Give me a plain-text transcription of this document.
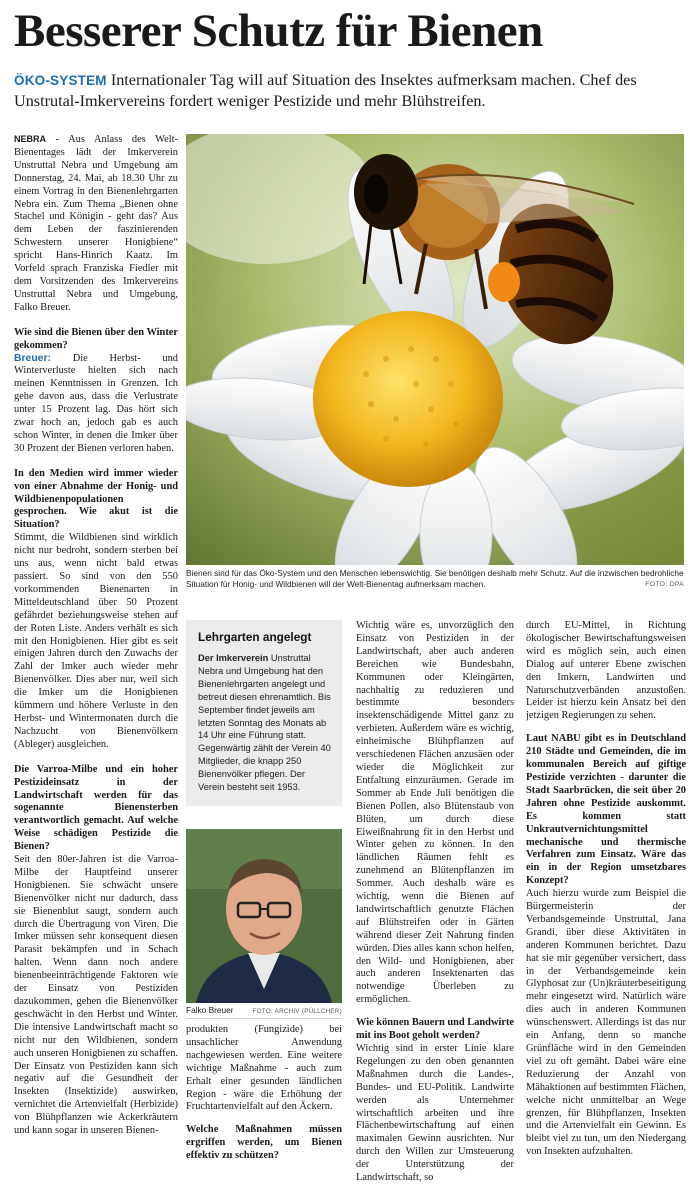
Besserer Schutz für Bienen
ÖKO-SYSTEM Internationaler Tag will auf Situation des Insektes aufmerksam machen. Chef des Unstrutal-Imkervereins fordert weniger Pestizide und mehr Blühstreifen.

NEBRA - Aus Anlass des Welt-Bienentages lädt der Imkerverein Unstruttal Nebra und Umgebung am Donnerstag, 24. Mai, ab 18.30 Uhr zu einem Vortrag in den Bienenlehrgarten Nebra ein. Zum Thema „Bienen ohne Stachel und Königin - geht das? Aus dem Leben der faszinierenden Schwestern unserer Honigbiene“ spricht Hans-Hinrich Kaatz. Im Vorfeld sprach Franziska Fiedler mit dem Vorsitzenden des Imkervereins Unstruttal Nebra und Umgebung, Falko Breuer.

Wie sind die Bienen über den Winter gekommen?

Breuer: Die Herbst- und Winterverluste hielten sich nach meinen Kenntnissen in Grenzen. Ich gehe davon aus, dass die Verlustrate unter 15 Prozent lag. Das hört sich zwar hoch an, jedoch gab es auch schon Winter, in denen die Imker über 30 Prozent der Bienen verloren haben.

In den Medien wird immer wieder von einer Abnahme der Honig- und Wildbienenpopulationen gesprochen. Wie akut ist die Situation?

Stimmt, die Wildbienen sind wirklich nicht nur bedroht, sondern sterben bei uns aus, wenn nicht bald etwas passiert. So sind von den 550 vorkommenden Bienenarten in Mitteldeutschland über 50 Prozent gefährdet beziehungsweise stehen auf der Roten Liste. Anders verhält es sich mit den Honigbienen. Hier gibt es seit einigen Jahren durch den Zuwachs der Zahl der Imker auch wieder mehr Bienenvölker. Dies aber nur, weil sich die Imker um die Honigbienen kümmern und höhere Verluste in den Herbst- und Wintermonaten durch die Nachzucht von Bienenvölkern (Ableger) ausgleichen.

Die Varroa-Milbe und ein hoher Pestizideinsatz in der Landwirtschaft werden für das sogenannte Bienensterben verantwortlich gemacht. Auf welche Weise schädigen Pestizide die Bienen?

Seit den 80er-Jahren ist die Varroa-Milbe der Hauptfeind unserer Honigbienen. Sie schwächt unsere Bienenvölker nicht nur dadurch, dass sie Bienenblut saugt, sondern auch durch die Übertragung von Viren. Die Imker müssen sehr konsequent diesen Parasit bekämpfen und in Schach halten. Wenn dann noch andere bienenbeeinträchtigende Faktoren wie der Einsatz von Pestiziden dazukommen, gehen die Bienenvölker geschwächt in den Herbst und Winter. Die intensive Landwirtschaft macht so nicht nur den Wildbienen, sondern auch unseren Honigbienen zu schaffen. Der Einsatz von Pestiziden kann sich negativ auf die Gesundheit der Insekten (Insektizide) auswirken, vernichtet die Artenvielfalt (Herbizide) von Blühpflanzen wie Ackerkräutern und kann sogar in unseren Bienen-

Bienen sind für das Öko-System und den Menschen lebenswichtig. Sie benötigen deshalb mehr Schutz. Auf die inzwischen bedrohliche Situation für Honig- und Wildbienen will der Welt-Bienentag aufmerksam machen.	FOTO: DPA
Lehrgarten angelegt
Der Imkerverein Unstruttal Nebra und Umgebung hat den Bienenlehrgarten angelegt und betreut diesen ehrenamtlich. Bis September findet jeweils am letzten Sonntag des Monats ab 14 Uhr eine Führung statt. Gegenwärtig zählt der Verein 40 Mitglieder, die knapp 250 Bienenvölker pflegen. Der Verein besteht seit 1953.
Falko Breuer	FOTO: ARCHIV (PÜLLCHER)

produkten (Fungizide) bei unsachlicher Anwendung nachgewiesen werden. Eine weitere wichtige Maßnahme - auch zum Erhalt einer gesunden ländlichen Region - wäre die Erhöhung der Fruchtartenvielfalt auf den Äckern.

Welche Maßnahmen müssen ergriffen werden, um Bienen effektiv zu schützen?

Wichtig wäre es, unvorzüglich den Einsatz von Pestiziden in der Landwirtschaft, aber auch anderen Bereichen wie Bundesbahn, Kommunen oder Kleingärten, nachhaltig zu reduzieren und bestimmte besonders insektenschädigende Mittel ganz zu verbieten. Außerdem wäre es wichtig, einheimische Blühpflanzen auf verschiedenen Flächen anzusäen oder wieder die Möglichkeit zur Entfaltung einzuräumen. Gerade im Sommer ab Ende Juli benötigen die Bienen Pollen, also Blütenstaub von Blüten, um durch diese Eiweißnahrung fit in den Herbst und Winter gehen zu können. In den ländlichen Räumen fehlt es zunehmend an Blütenpflanzen im Sommer. Auch deshalb wäre es wichtig, wenn die Bienen auf landwirtschaftlich genutzte Flächen auf Blühstreifen oder in Gärten während dieser Zeit Nahrung finden würden. Dies alles kann schon helfen, den Wild- und Honigbienen, aber auch anderen Insektenarten das notwendige Überleben zu ermöglichen.

Wie können Bauern und Landwirte mit ins Boot geholt werden?

Wichtig sind in erster Linie klare Regelungen zu den oben genannten Maßnahmen durch die Landes-, Bundes- und EU-Politik. Landwirte werden als Unternehmer wirtschaftlich arbeiten und ihre Flächenbewirtschaftung auf einen maximalen Gewinn ausrichten. Nur durch den Willen zur Umsteuerung der Unterstützung der Landwirtschaft, so

durch EU-Mittel, in Richtung ökologischer Bewirtschaftungsweisen wird es möglich sein, auch einen Dialog auf unterer Ebene zwischen den Imkern, Landwirten und Naturschutzverbänden anzustoßen. Leider ist hierzu kein Ansatz bei den jetzigen Regierungen zu sehen.

Laut NABU gibt es in Deutschland 210 Städte und Gemeinden, die im kommunalen Bereich auf giftige Pestizide verzichten - darunter die Stadt Saarbrücken, die seit über 20 Jahren ohne Pestizide auskommt. Es kommen statt Unkrautvernichtungsmittel mechanische und thermische Verfahren zum Einsatz. Wäre das ein in der Region umsetzbares Konzept?

Auch hierzu wurde zum Beispiel die Bürgermeisterin der Verbandsgemeinde Unstruttal, Jana Grandi, über diese Aktivitäten in anderen Kommunen berichtet. Dazu hat sie mir gegenüber versichert, dass in der Verbandsgemeinde kein Glyphosat zur (Un)kräuterbeseitigung mehr eingesetzt wird. Natürlich wäre dies auch in anderen Kommunen wünschenswert. Allerdings ist das nur ein Anfang, denn so manche Grünfläche wird in den Gemeinden viel zu oft gemäht. Dabei wäre eine Reduzierung der Anzahl von Mähaktionen auf bestimmten Flächen, welche nicht unmittelbar an Wege grenzen, für Blühpflanzen, Insekten und die Artenvielfalt ein Gewinn. Es bleibt viel zu tun, um den Niedergang von Insekten aufzuhalten.
